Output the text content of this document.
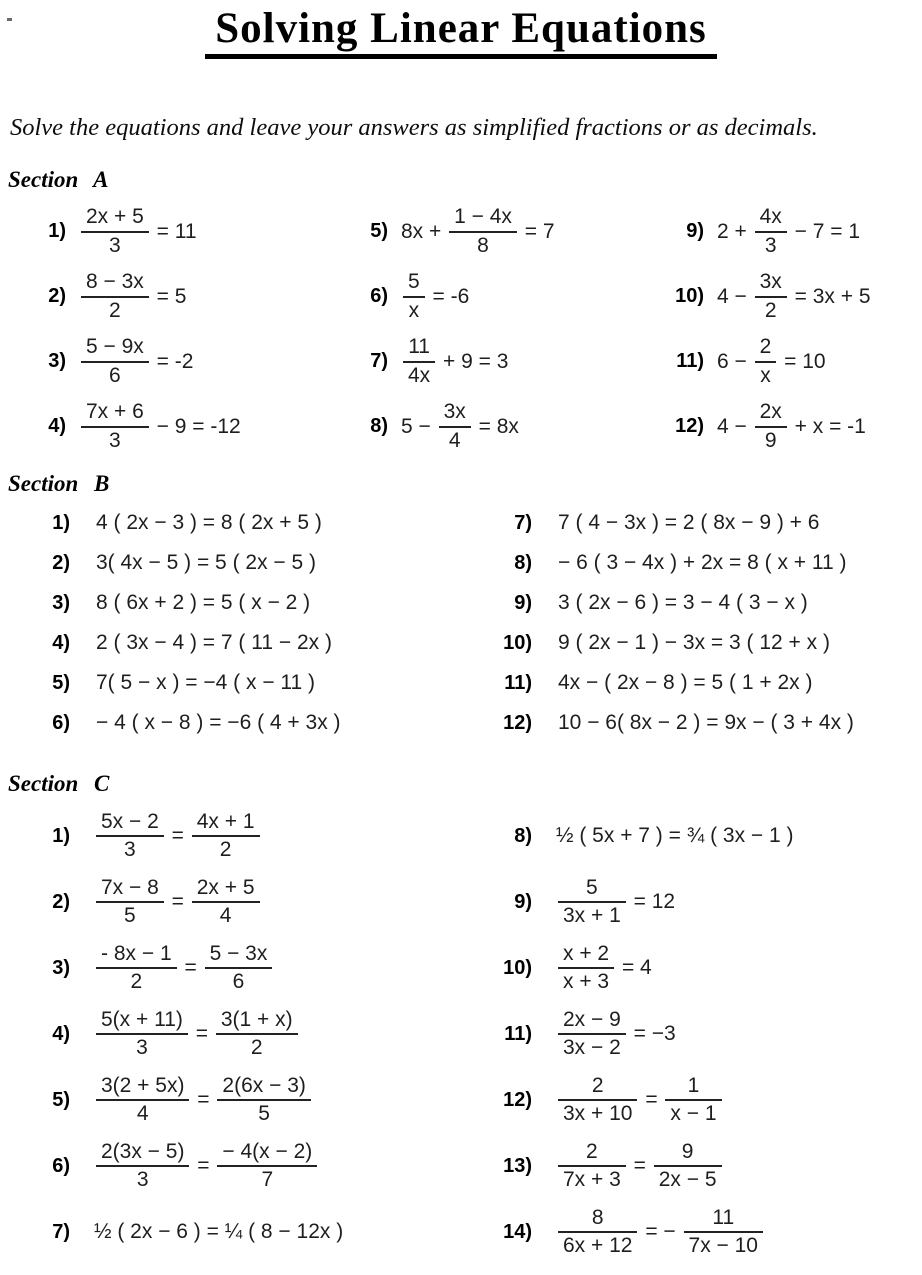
Solving Linear Equations

Solve the equations and leave your answers as simplified fractions or as decimals.

Section A
$1) \frac{2x + 5}{3} = 11$
$2) \frac{8 - 3x}{2} = 5$
$3) \frac{5 - 9x}{6} = -2$
$4) \frac{7x + 6}{3} - 9 = -12$
5) $8x + \frac{1 - 4x}{8} = 7$
$6) \frac{5}{x} = -6$
$7) \frac{11}{4x} + 9 = 3$
8) $5 - \frac{3x}{4} = 8x$
9) $2 + \frac{4x}{3} - 7 = 1$
10) $4 - \frac{3x}{2} = 3x + 5$
11) $6 - \frac{2}{x} = 10$
12) $4 - \frac{2x}{9} + x = -1$
Section B
1) 4 ( 2x − 3 ) = 8 ( 2x + 5 )
2) 3( 4x − 5 ) = 5 ( 2x − 5 )
3) 8 ( 6x + 2 ) = 5 ( x − 2 )
4) 2 ( 3x − 4 ) = 7 ( 11 − 2x )
5) 7( 5 − x ) = −4 ( x − 11 )
6) − 4 ( x − 8 ) = −6 ( 4 + 3x )
7) 7 ( 4 − 3x ) = 2 ( 8x − 9 ) + 6
8) − 6 ( 3 − 4x ) + 2x = 8 ( x + 11 )
9) 3 ( 2x − 6 ) = 3 − 4 ( 3 − x )
10) 9 ( 2x − 1 ) − 3x = 3 ( 12 + x )
11) 4x − ( 2x − 8 ) = 5 ( 1 + 2x )
12) 10 − 6( 8x − 2 ) = 9x − ( 3 + 4x )
Section C
$1) \frac{5x - 2}{3} = \frac{4x + 1}{2}$
$2) \frac{7x - 8}{5} = \frac{2x + 5}{4}$
$3) \frac{- 8x - 1}{2} = \frac{5 - 3x}{6}$
$4) \frac{5(x + 11)}{3} = \frac{3(1 + x)}{2}$
$5) \frac{3(2 + 5x)}{4} = \frac{2(6x - 3)}{5}$
$6) \frac{2(3x - 5)}{3} = \frac{- 4(x - 2)}{7}$
7) ½ ( 2x − 6 ) = ¼ ( 8 − 12x )
8) ½ ( 5x + 7 ) = ¾ ( 3x − 1 )
$9) \frac{5}{3x + 1} = 12$
$10) \frac{x + 2}{x + 3} = 4$
$11) \frac{2x - 9}{3x - 2} = -3$
$12) \frac{2}{3x + 10} = \frac{1}{x - 1}$
$13) \frac{2}{7x + 3} = \frac{9}{2x - 5}$
$14) \frac{8}{6x + 12}$ = − $\frac{11}{7x - 10}$
